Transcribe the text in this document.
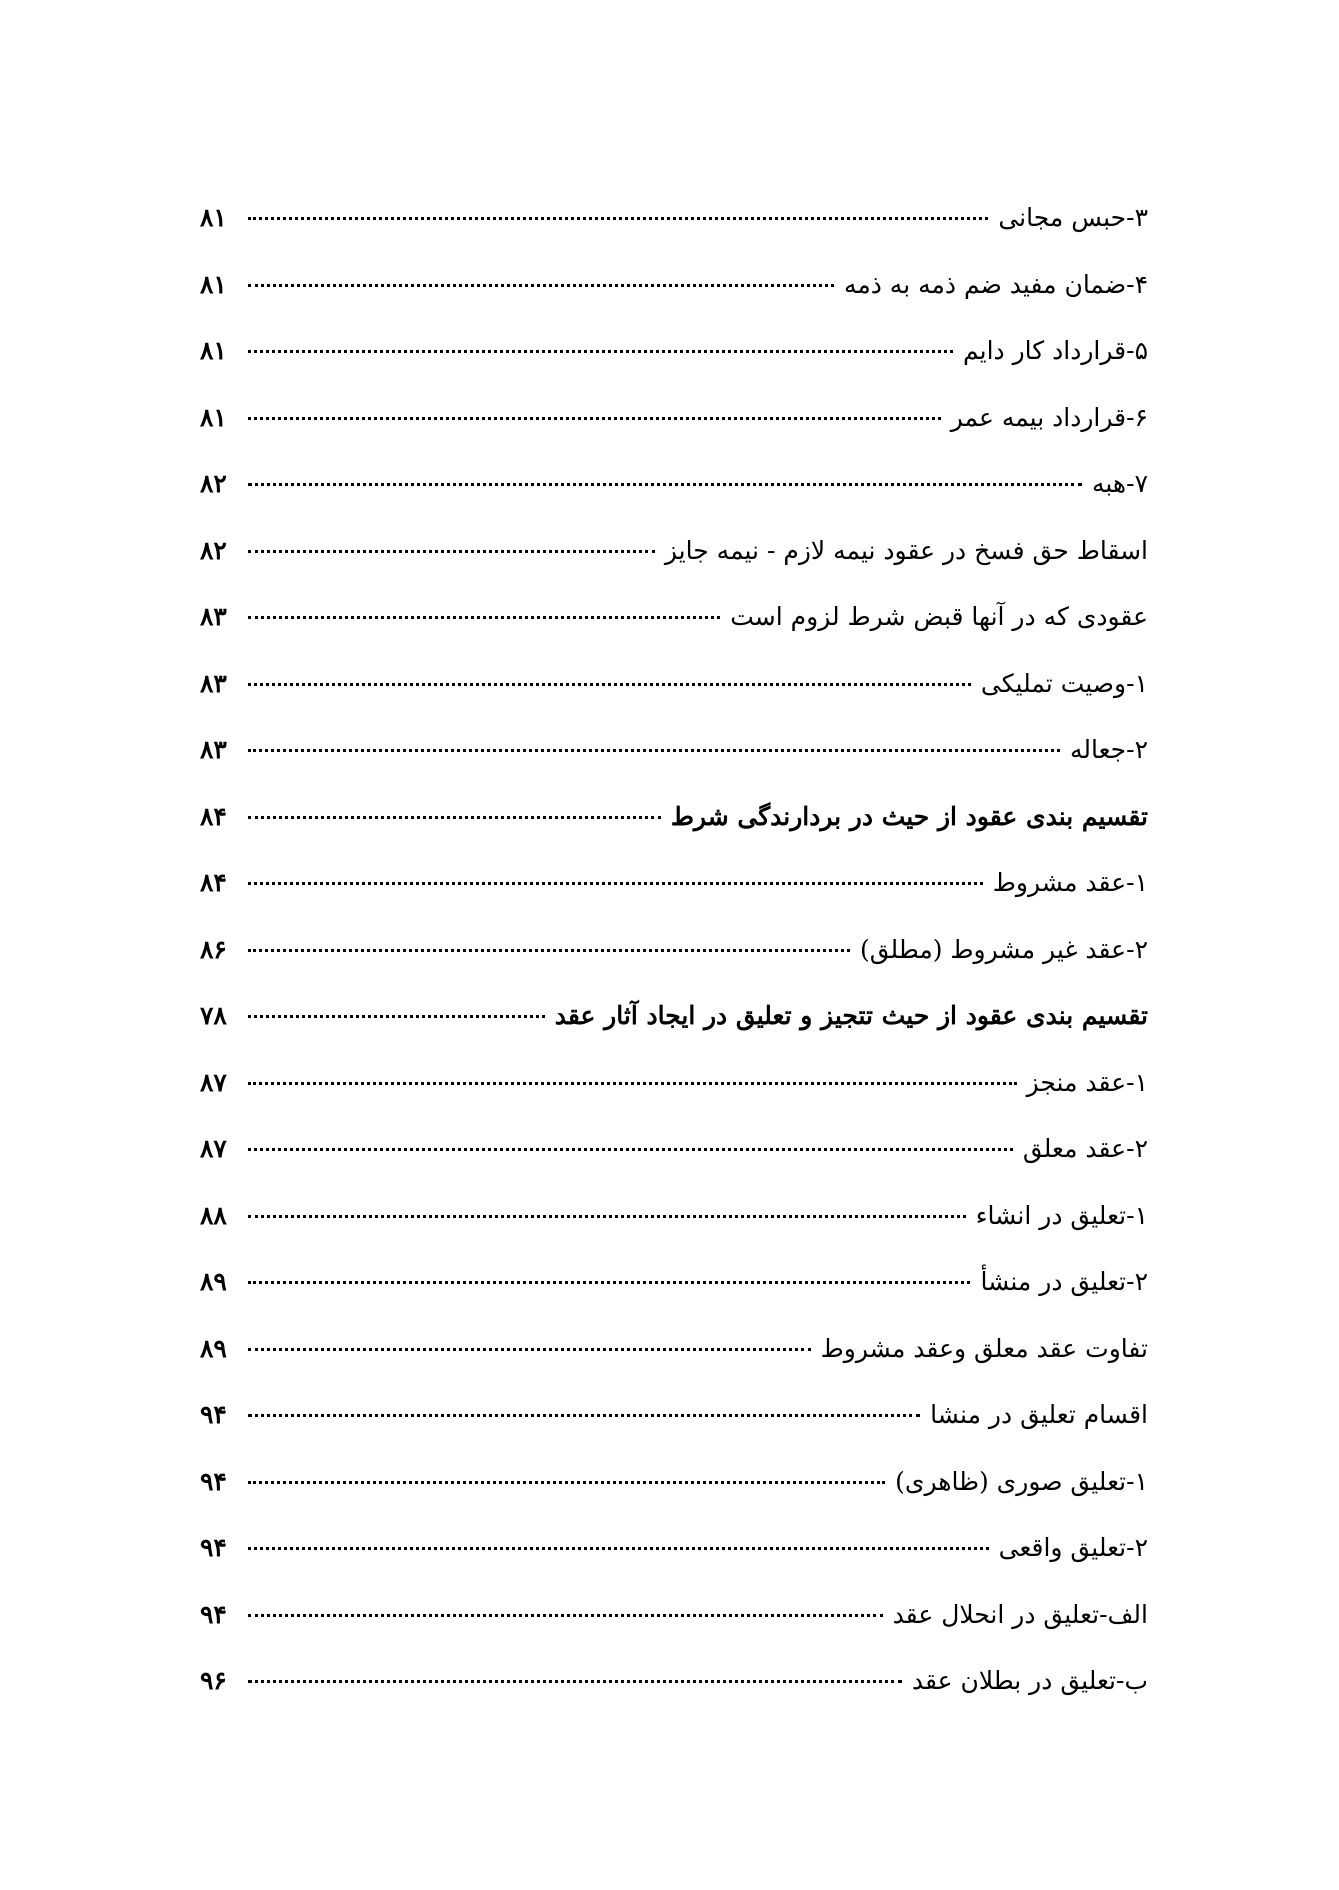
۳-حبس مجانی
۸۱
۴-ضمان مفید ضم ذمه به ذمه
۸۱
۵-قرارداد کار دایم
۸۱
۶-قرارداد بیمه عمر
۸۱
۷-هبه
۸۲
اسقاط حق فسخ در عقود نیمه لازم - نیمه جایز
۸۲
عقودی که در آنها قبض شرط لزوم است
۸۳
۱-وصیت تملیکی
۸۳
۲-جعاله
۸۳
تقسیم بندی عقود از حیث در بردارندگی شرط
۸۴
۱-عقد مشروط
۸۴
۲-عقد غیر مشروط (مطلق)
۸۶
تقسیم بندی عقود از حیث تتجیز و تعلیق در ایجاد آثار عقد
۷۸
۱-عقد منجز
۸۷
۲-عقد معلق
۸۷
۱-تعلیق در انشاء
۸۸
۲-تعلیق در منشأ
۸۹
تفاوت عقد معلق وعقد مشروط
۸۹
اقسام تعلیق در منشا
۹۴
۱-تعلیق صوری (ظاهری)
۹۴
۲-تعلیق واقعی
۹۴
الف-تعلیق در انحلال عقد
۹۴
ب-تعلیق در بطلان عقد
۹۶
